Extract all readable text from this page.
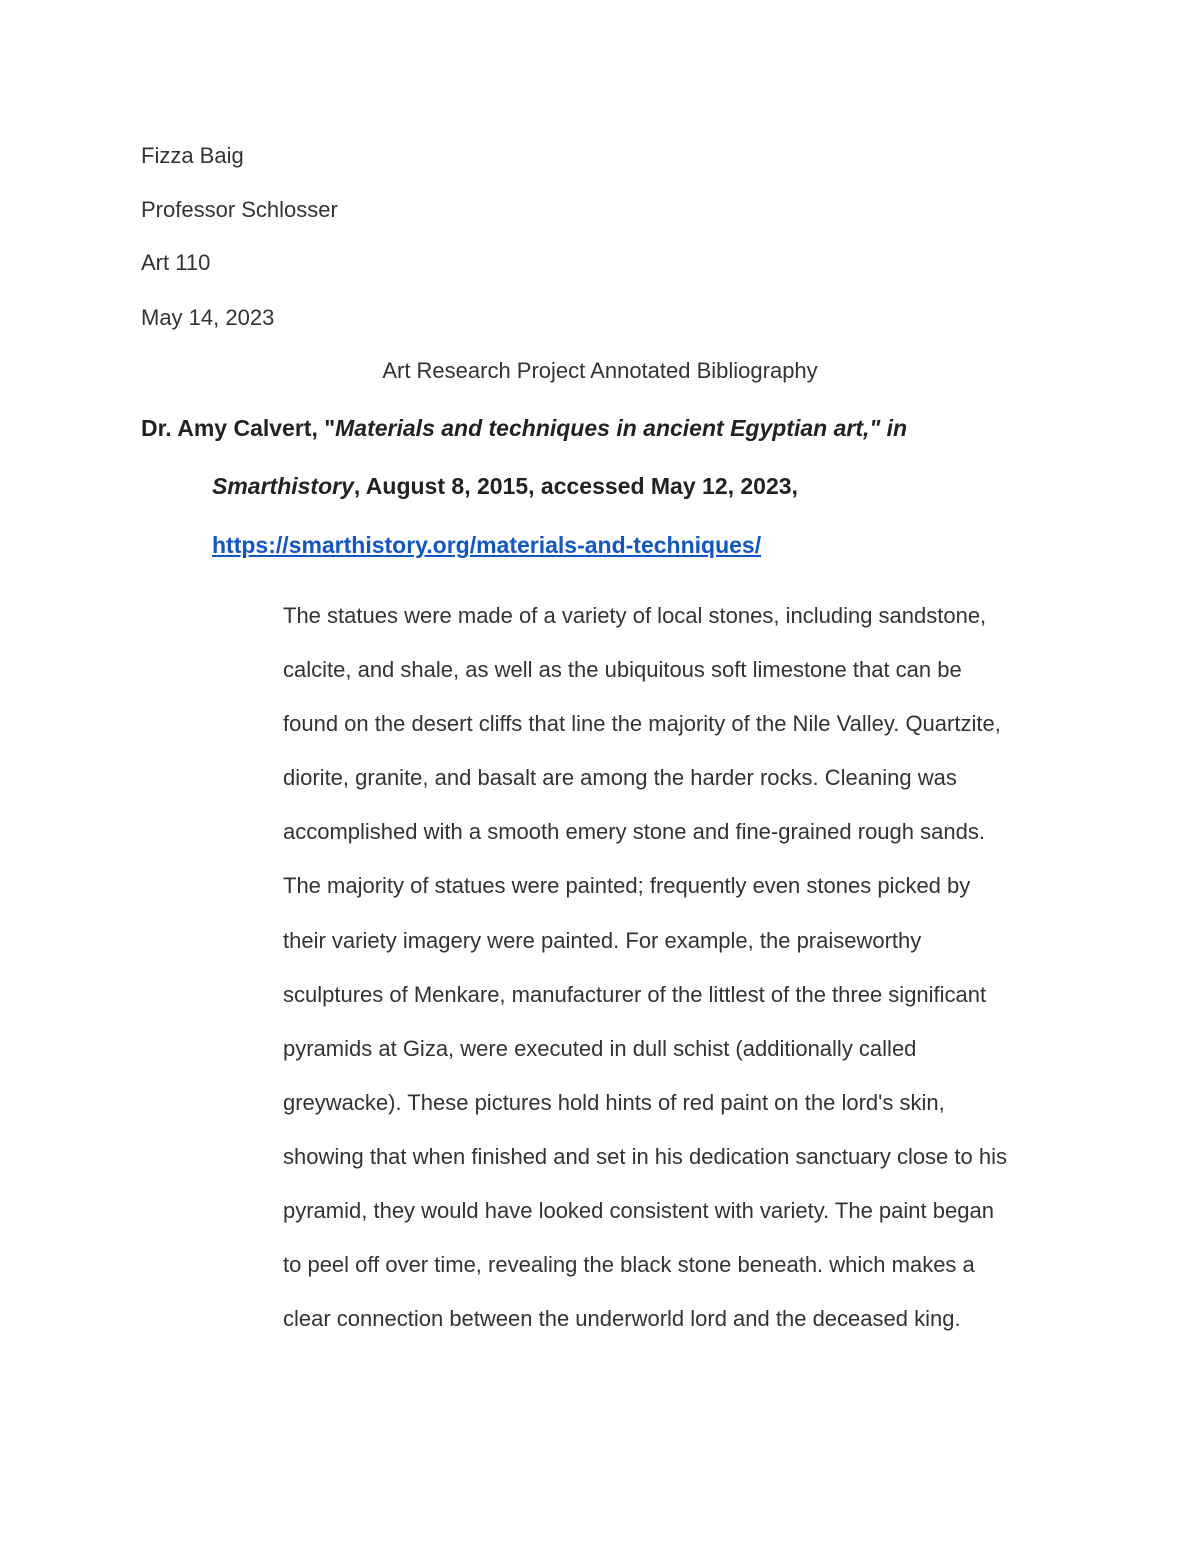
Fizza Baig
Professor Schlosser
Art 110
May 14, 2023
Art Research Project Annotated Bibliography
Dr. Amy Calvert, "Materials and techniques in ancient Egyptian art," in
Smarthistory, August 8, 2015, accessed May 12, 2023,
https://smarthistory.org/materials-and-techniques/
The statues were made of a variety of local stones, including sandstone,
calcite, and shale, as well as the ubiquitous soft limestone that can be
found on the desert cliffs that line the majority of the Nile Valley. Quartzite,
diorite, granite, and basalt are among the harder rocks. Cleaning was
accomplished with a smooth emery stone and fine-grained rough sands.
The majority of statues were painted; frequently even stones picked by
their variety imagery were painted. For example, the praiseworthy
sculptures of Menkare, manufacturer of the littlest of the three significant
pyramids at Giza, were executed in dull schist (additionally called
greywacke). These pictures hold hints of red paint on the lord's skin,
showing that when finished and set in his dedication sanctuary close to his
pyramid, they would have looked consistent with variety. The paint began
to peel off over time, revealing the black stone beneath. which makes a
clear connection between the underworld lord and the deceased king.
